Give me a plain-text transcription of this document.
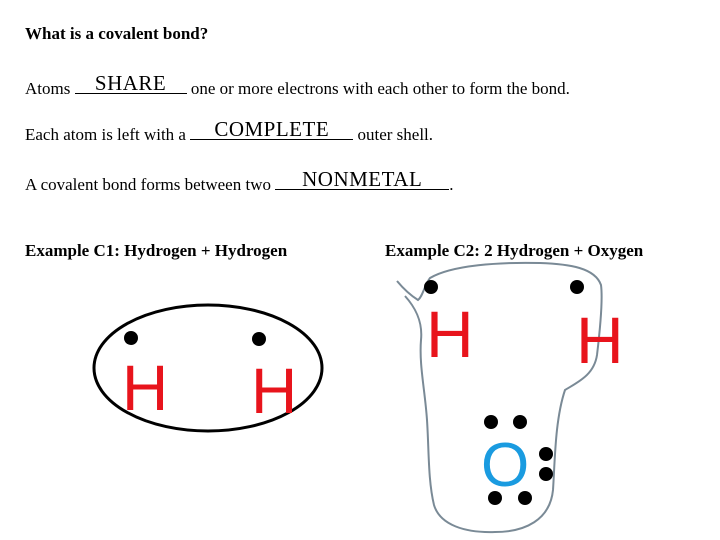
What is a covalent bond?
Atoms SHARE	one or more electrons with each other to form the bond.
Each atom is left with a	COMPLETE	outer shell.
A covalent bond forms between two	NONMETAL	.
Example C1: Hydrogen + Hydrogen	Example C2: 2 Hydrogen + Oxygen
H H
H H
O
